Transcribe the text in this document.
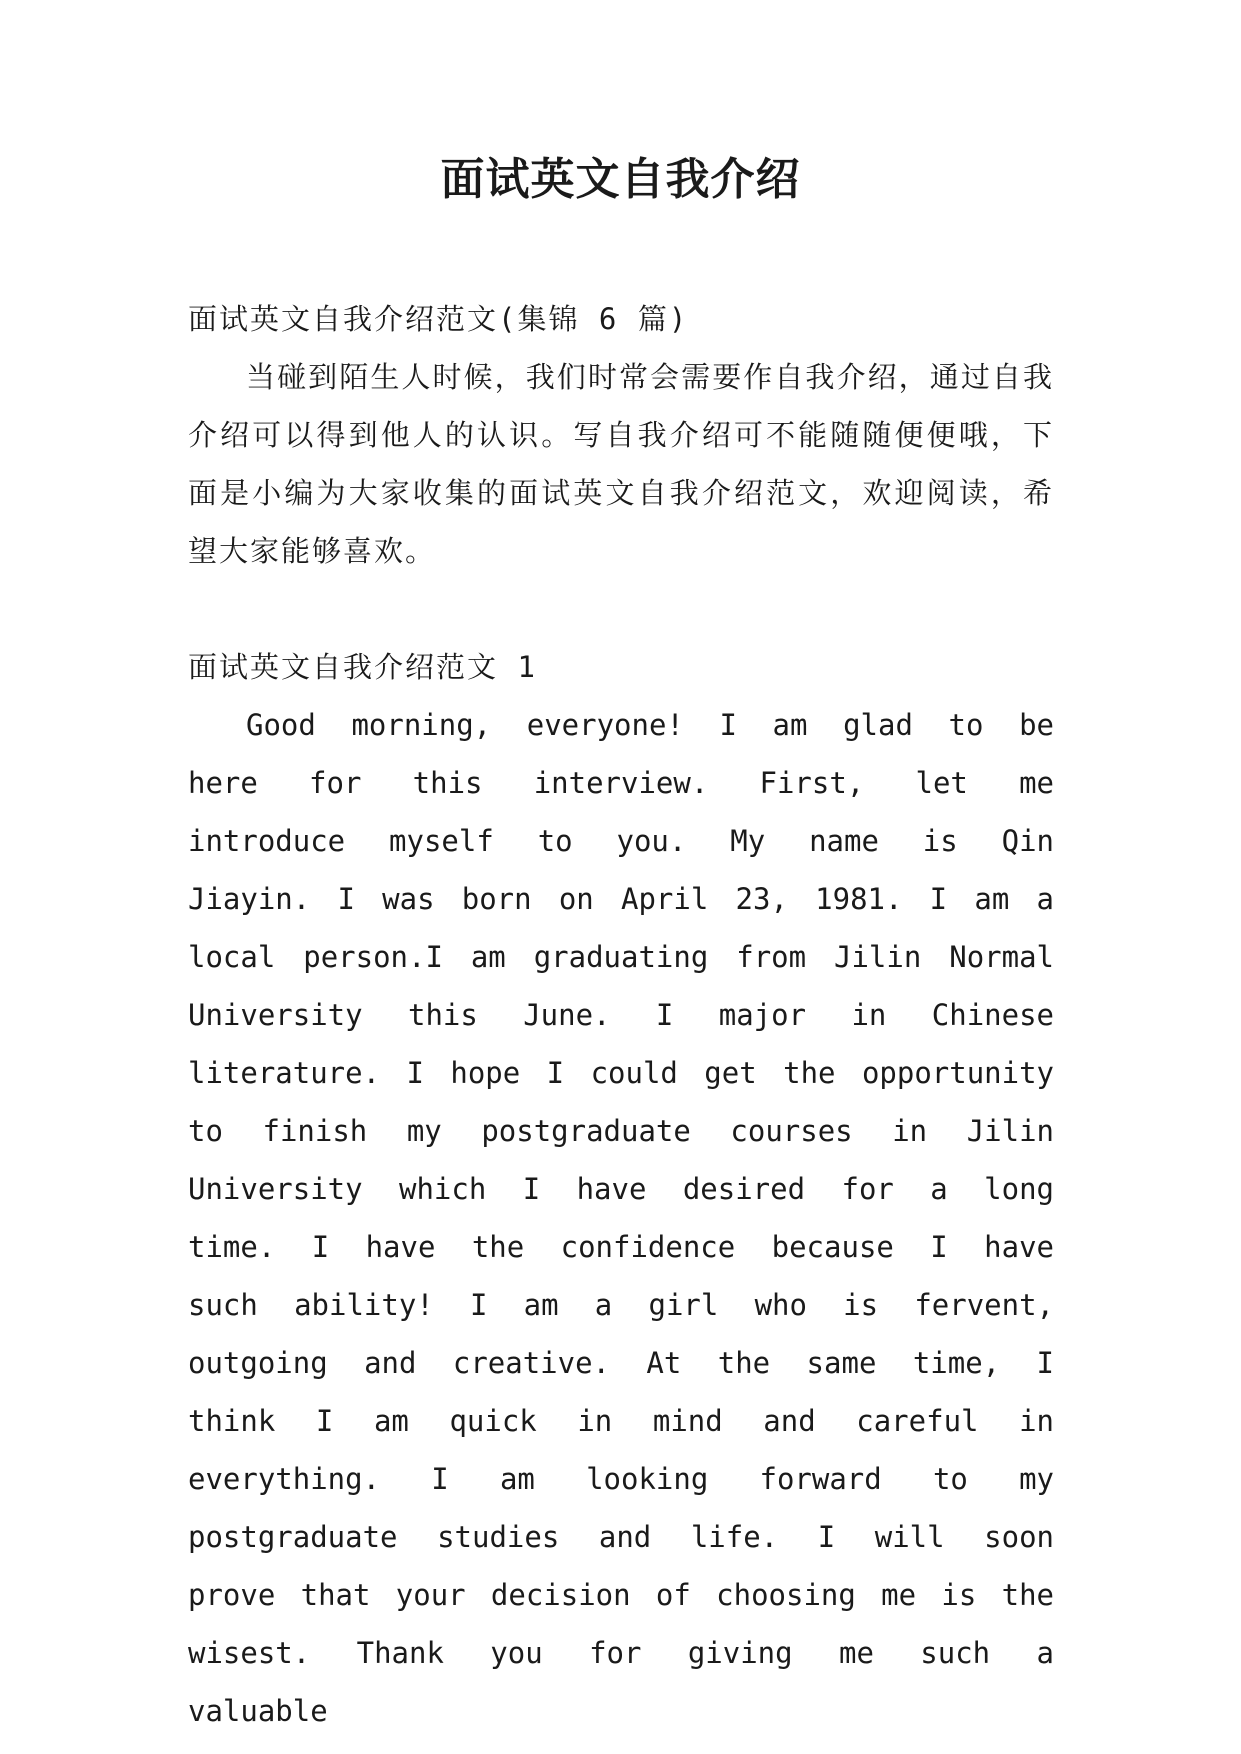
面试英文自我介绍

面试英文自我介绍范文(集锦 6 篇)

当碰到陌生人时候，我们时常会需要作自我介绍，通过自我介绍可以得到他人的认识。写自我介绍可不能随随便便哦，下面是小编为大家收集的面试英文自我介绍范文，欢迎阅读，希望大家能够喜欢。

面试英文自我介绍范文 1

Good morning, everyone! I am glad to be here for this interview. First, let me introduce myself to you. My name is Qin Jiayin. I was born on April 23, 1981. I am a local person.I am graduating from Jilin Normal University this June. I major in Chinese literature. I hope I could get the opportunity to finish my postgraduate courses in Jilin University which I have desired for a long time. I have the confidence because I have such ability! I am a girl who is fervent, outgoing and creative. At the same time, I think I am quick in mind and careful in everything. I am looking forward to my postgraduate studies and life. I will soon prove that your decision of choosing me is the wisest. Thank you for giving me such a valuable
